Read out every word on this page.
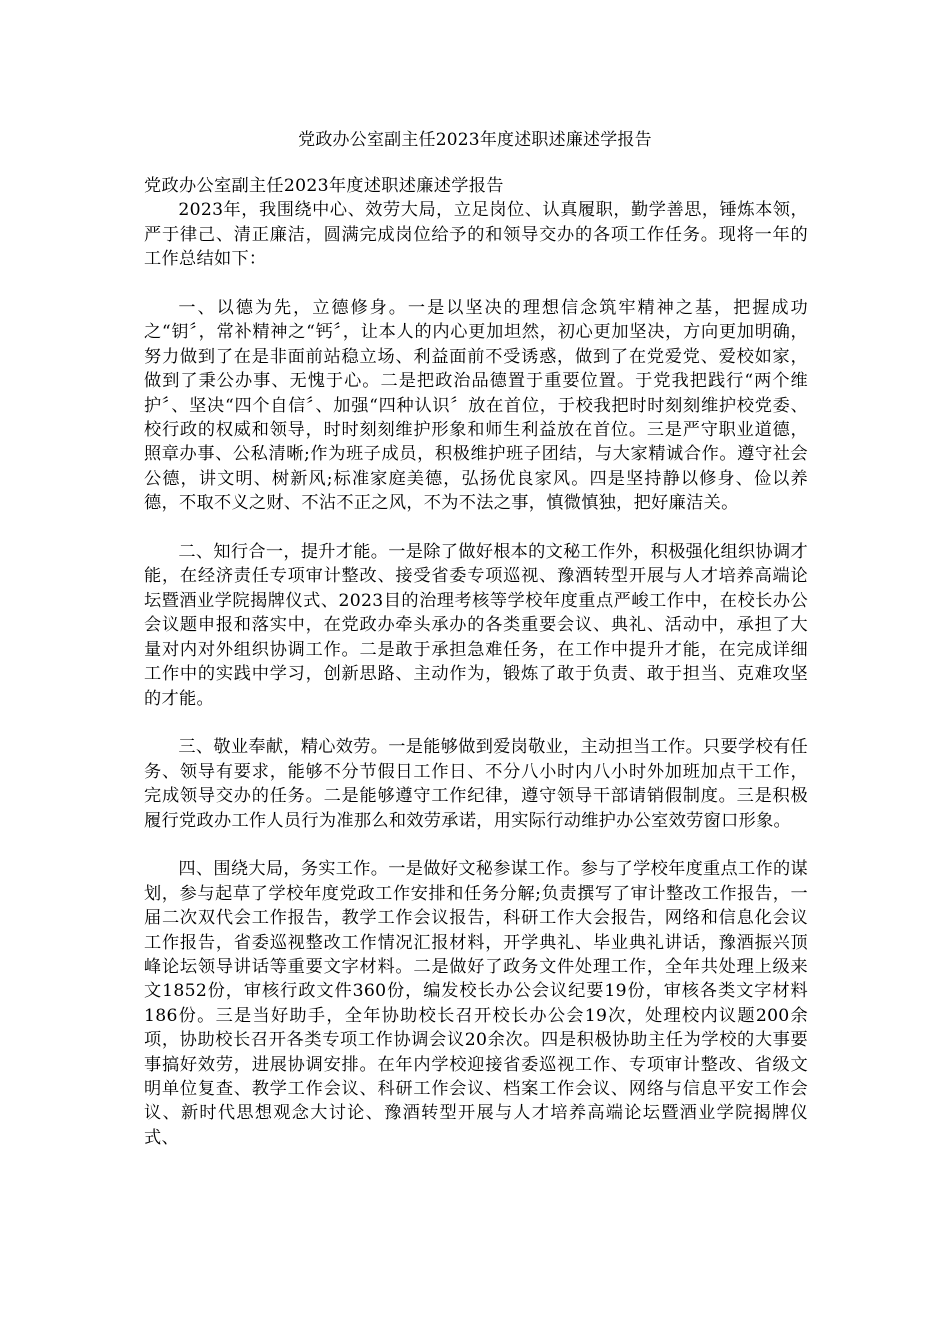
党政办公室副主任2023年度述职述廉述学报告

党政办公室副主任2023年度述职述廉述学报告

2023年，我围绕中心、效劳大局，立足岗位、认真履职，勤学善思，锤炼本领，严于律己、清正廉洁，圆满完成岗位给予的和领导交办的各项工作任务。现将一年的工作总结如下：

一、以德为先，立德修身。一是以坚决的理想信念筑牢精神之基，把握成功之“钥〞，常补精神之“钙〞，让本人的内心更加坦然，初心更加坚决，方向更加明确，努力做到了在是非面前站稳立场、利益面前不受诱惑，做到了在党爱党、爱校如家，做到了秉公办事、无愧于心。二是把政治品德置于重要位置。于党我把践行“两个维护〞、坚决“四个自信〞、加强“四种认识〞放在首位，于校我把时时刻刻维护校党委、校行政的权威和领导，时时刻刻维护形象和师生利益放在首位。三是严守职业道德，照章办事、公私清晰;作为班子成员，积极维护班子团结，与大家精诚合作。遵守社会公德，讲文明、树新风;标准家庭美德，弘扬优良家风。四是坚持静以修身、俭以养德，不取不义之财、不沾不正之风，不为不法之事，慎微慎独，把好廉洁关。

二、知行合一，提升才能。一是除了做好根本的文秘工作外，积极强化组织协调才能，在经济责任专项审计整改、接受省委专项巡视、豫酒转型开展与人才培养高端论坛暨酒业学院揭牌仪式、2023目的治理考核等学校年度重点严峻工作中，在校长办公会议题申报和落实中，在党政办牵头承办的各类重要会议、典礼、活动中，承担了大量对内对外组织协调工作。二是敢于承担急难任务，在工作中提升才能，在完成详细工作中的实践中学习，创新思路、主动作为，锻炼了敢于负责、敢于担当、克难攻坚的才能。

三、敬业奉献，精心效劳。一是能够做到爱岗敬业，主动担当工作。只要学校有任务、领导有要求，能够不分节假日工作日、不分八小时内八小时外加班加点干工作，完成领导交办的任务。二是能够遵守工作纪律，遵守领导干部请销假制度。三是积极履行党政办工作人员行为准那么和效劳承诺，用实际行动维护办公室效劳窗口形象。

四、围绕大局，务实工作。一是做好文秘参谋工作。参与了学校年度重点工作的谋划，参与起草了学校年度党政工作安排和任务分解;负责撰写了审计整改工作报告，一届二次双代会工作报告，教学工作会议报告，科研工作大会报告，网络和信息化会议工作报告，省委巡视整改工作情况汇报材料，开学典礼、毕业典礼讲话，豫酒振兴顶峰论坛领导讲话等重要文字材料。二是做好了政务文件处理工作，全年共处理上级来文1852份，审核行政文件360份，编发校长办公会议纪要19份，审核各类文字材料186份。三是当好助手，全年协助校长召开校长办公会19次，处理校内议题200余项，协助校长召开各类专项工作协调会议20余次。四是积极协助主任为学校的大事要事搞好效劳，进展协调安排。在年内学校迎接省委巡视工作、专项审计整改、省级文明单位复查、教学工作会议、科研工作会议、档案工作会议、网络与信息平安工作会议、新时代思想观念大讨论、豫酒转型开展与人才培养高端论坛暨酒业学院揭牌仪式、
